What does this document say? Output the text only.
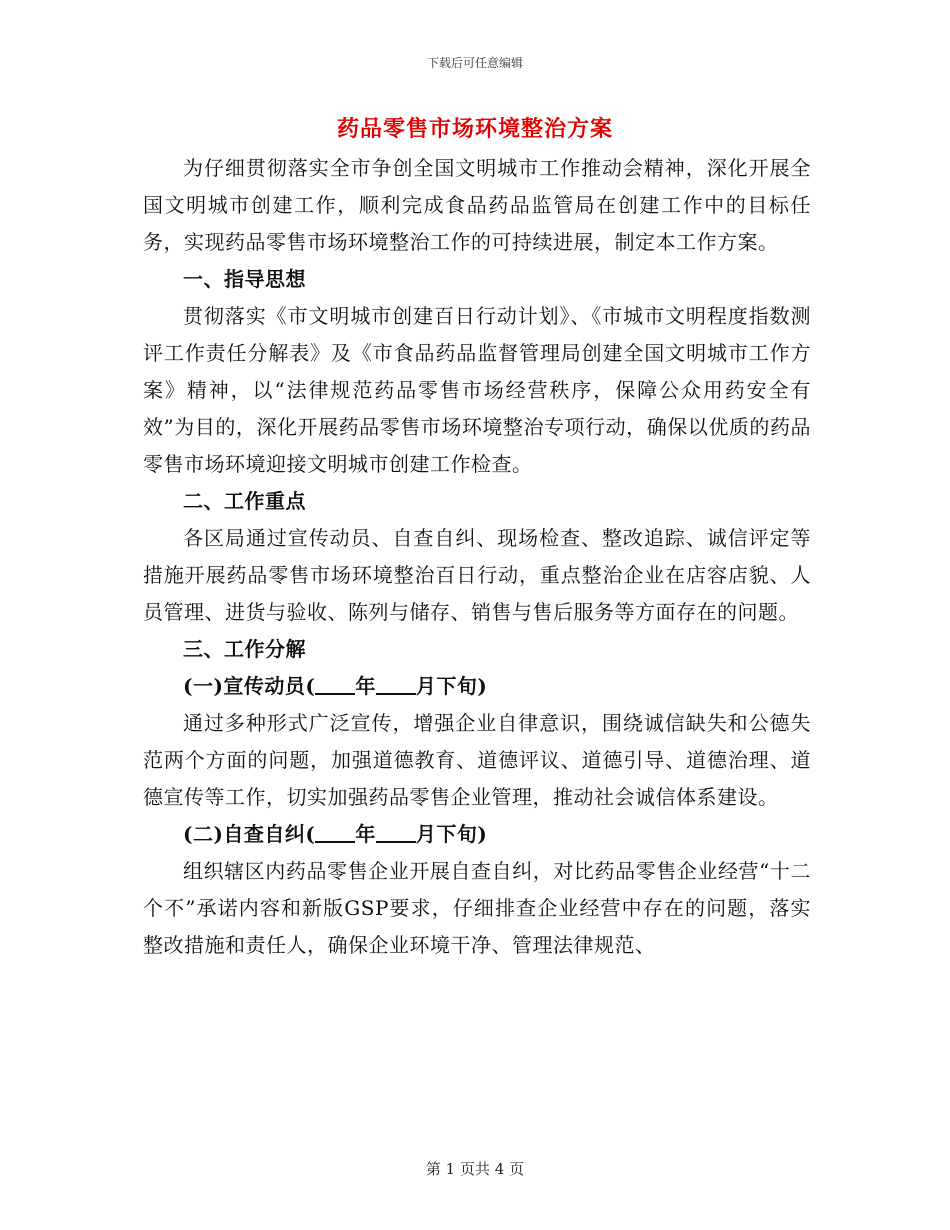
下载后可任意编辑
药品零售市场环境整治方案

为仔细贯彻落实全市争创全国文明城市工作推动会精神，深化开展全国文明城市创建工作，顺利完成食品药品监管局在创建工作中的目标任务，实现药品零售市场环境整治工作的可持续进展，制定本工作方案。

一、指导思想

贯彻落实《市文明城市创建百日行动计划》、《市城市文明程度指数测评工作责任分解表》及《市食品药品监督管理局创建全国文明城市工作方案》精神，以“法律规范药品零售市场经营秩序，保障公众用药安全有效”为目的，深化开展药品零售市场环境整治专项行动，确保以优质的药品零售市场环境迎接文明城市创建工作检查。

二、工作重点

各区局通过宣传动员、自查自纠、现场检查、整改追踪、诚信评定等措施开展药品零售市场环境整治百日行动，重点整治企业在店容店貌、人员管理、进货与验收、陈列与储存、销售与售后服务等方面存在的问题。

三、工作分解

(一)宣传动员( 年 月下旬)

通过多种形式广泛宣传，增强企业自律意识，围绕诚信缺失和公德失范两个方面的问题，加强道德教育、道德评议、道德引导、道德治理、道德宣传等工作，切实加强药品零售企业管理，推动社会诚信体系建设。

(二)自查自纠( 年 月下旬)

组织辖区内药品零售企业开展自查自纠，对比药品零售企业经营“十二个不”承诺内容和新版GSP要求，仔细排查企业经营中存在的问题，落实整改措施和责任人，确保企业环境干净、管理法律规范、

第 1 页共 4 页
